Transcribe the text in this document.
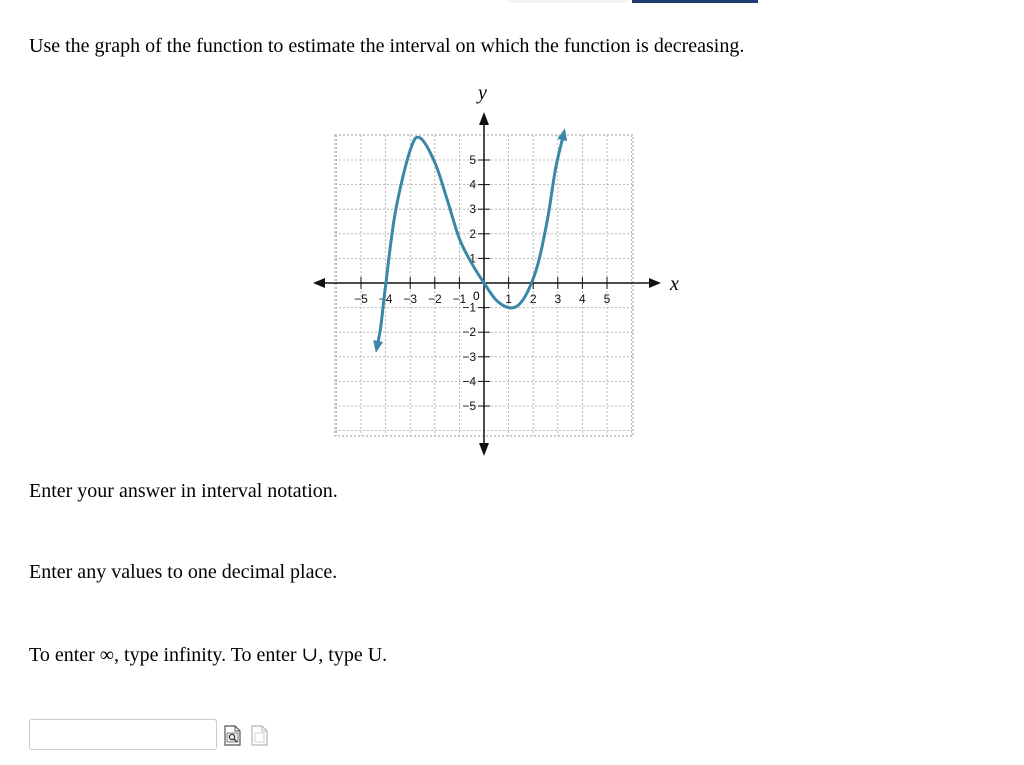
Use the graph of the function to estimate the interval on which the function is decreasing.
−5 −4 −3 −2 −1	1 2 3 4 5
5
4
3
2
1
−1
−2
−3
−4
−5
x
y
0
Enter your answer in interval notation.
Enter any values to one decimal place.
To enter ∞, type infinity. To enter ∪, type U.
